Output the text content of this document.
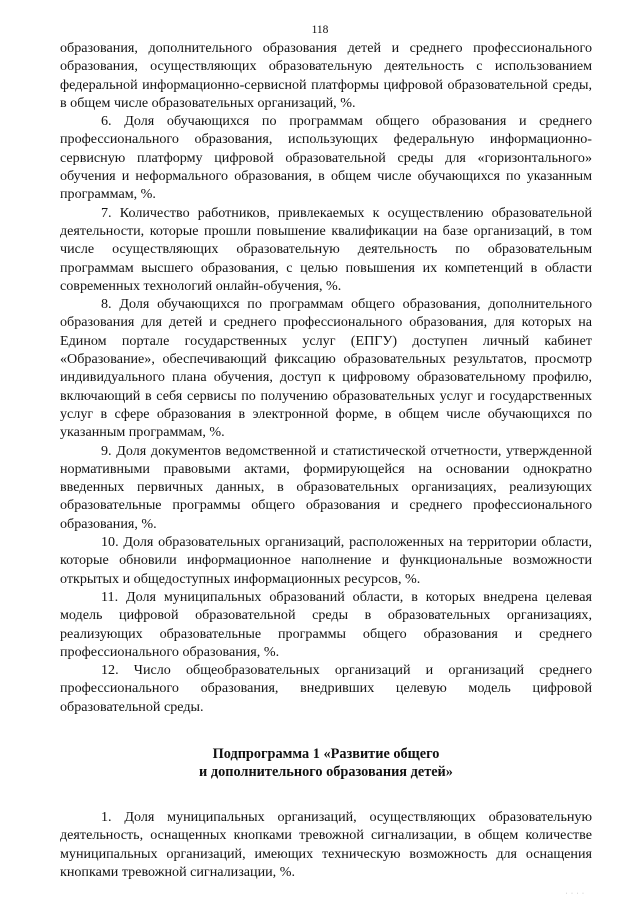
118

образования, дополнительного образования детей и среднего профессионального образования, осуществляющих образовательную деятельность с использованием федеральной информационно-сервисной платформы цифровой образовательной среды, в общем числе образовательных организаций, %.

6. Доля обучающихся по программам общего образования и среднего профессионального образования, использующих федеральную информационно-сервисную платформу цифровой образовательной среды для «горизонтального» обучения и неформального образования, в общем числе обучающихся по указанным программам, %.

7. Количество работников, привлекаемых к осуществлению образовательной деятельности, которые прошли повышение квалификации на базе организаций, в том числе осуществляющих образовательную деятельность по образовательным программам высшего образования, с целью повышения их компетенций в области современных технологий онлайн-обучения, %.

8. Доля обучающихся по программам общего образования, дополнительного образования для детей и среднего профессионального образования, для которых на Едином портале государственных услуг (ЕПГУ) доступен личный кабинет «Образование», обеспечивающий фиксацию образовательных результатов, просмотр индивидуального плана обучения, доступ к цифровому образовательному профилю, включающий в себя сервисы по получению образовательных услуг и государственных услуг в сфере образования в электронной форме, в общем числе обучающихся по указанным программам, %.

9. Доля документов ведомственной и статистической отчетности, утвержденной нормативными правовыми актами, формирующейся на основании однократно введенных первичных данных, в образовательных организациях, реализующих образовательные программы общего образования и среднего профессионального образования, %.

10. Доля образовательных организаций, расположенных на территории области, которые обновили информационное наполнение и функциональные возможности открытых и общедоступных информационных ресурсов, %.

11. Доля муниципальных образований области, в которых внедрена целевая модель цифровой образовательной среды в образовательных организациях, реализующих образовательные программы общего образования и среднего профессионального образования, %.

12. Число общеобразовательных организаций и организаций среднего профессионального образования, внедривших целевую модель цифровой образовательной среды.

Подпрограмма 1 «Развитие общего
и дополнительного образования детей»

1. Доля муниципальных организаций, осуществляющих образовательную деятельность, оснащенных кнопками тревожной сигнализации, в общем количестве муниципальных организаций, имеющих техническую возможность для оснащения кнопками тревожной сигнализации, %.

· · · ·
